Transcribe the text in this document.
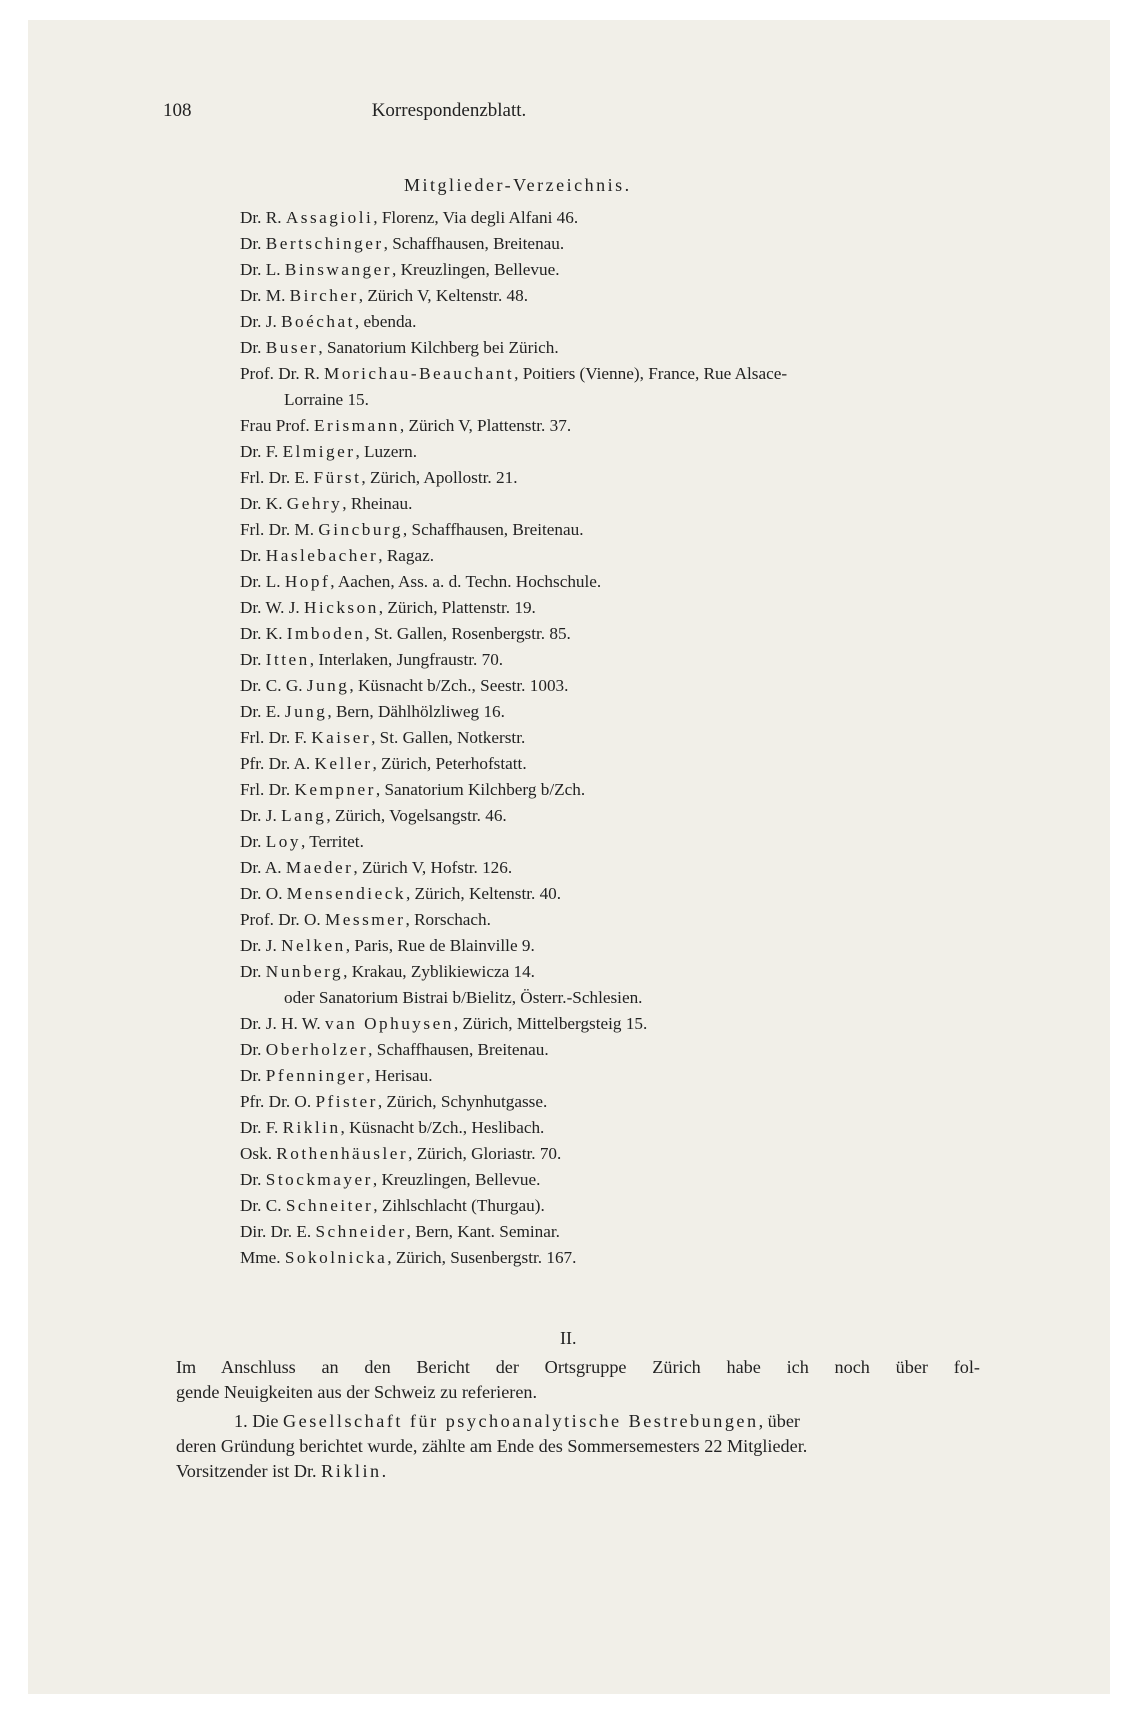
108	Korrespondenzblatt.
Mitglieder-Verzeichnis.
Dr. R. Assagioli, Florenz, Via degli Alfani 46.
Dr. Bertschinger, Schaffhausen, Breitenau.
Dr. L. Binswanger, Kreuzlingen, Bellevue.
Dr. M. Bircher, Zürich V, Keltenstr. 48.
Dr. J. Boéchat, ebenda.
Dr. Buser, Sanatorium Kilchberg bei Zürich.
Prof. Dr. R. Morichau-Beauchant, Poitiers (Vienne), France, Rue Alsace-
Lorraine 15.
Frau Prof. Erismann, Zürich V, Plattenstr. 37.
Dr. F. Elmiger, Luzern.
Frl. Dr. E. Fürst, Zürich, Apollostr. 21.
Dr. K. Gehry, Rheinau.
Frl. Dr. M. Gincburg, Schaffhausen, Breitenau.
Dr. Haslebacher, Ragaz.
Dr. L. Hopf, Aachen, Ass. a. d. Techn. Hochschule.
Dr. W. J. Hickson, Zürich, Plattenstr. 19.
Dr. K. Imboden, St. Gallen, Rosenbergstr. 85.
Dr. Itten, Interlaken, Jungfraustr. 70.
Dr. C. G. Jung, Küsnacht b/Zch., Seestr. 1003.
Dr. E. Jung, Bern, Dählhölzliweg 16.
Frl. Dr. F. Kaiser, St. Gallen, Notkerstr.
Pfr. Dr. A. Keller, Zürich, Peterhofstatt.
Frl. Dr. Kempner, Sanatorium Kilchberg b/Zch.
Dr. J. Lang, Zürich, Vogelsangstr. 46.
Dr. Loy, Territet.
Dr. A. Maeder, Zürich V, Hofstr. 126.
Dr. O. Mensendieck, Zürich, Keltenstr. 40.
Prof. Dr. O. Messmer, Rorschach.
Dr. J. Nelken, Paris, Rue de Blainville 9.
Dr. Nunberg, Krakau, Zyblikiewicza 14.
oder Sanatorium Bistrai b/Bielitz, Österr.-Schlesien.
Dr. J. H. W. van Ophuysen, Zürich, Mittelbergsteig 15.
Dr. Oberholzer, Schaffhausen, Breitenau.
Dr. Pfenninger, Herisau.
Pfr. Dr. O. Pfister, Zürich, Schynhutgasse.
Dr. F. Riklin, Küsnacht b/Zch., Heslibach.
Osk. Rothenhäusler, Zürich, Gloriastr. 70.
Dr. Stockmayer, Kreuzlingen, Bellevue.
Dr. C. Schneiter, Zihlschlacht (Thurgau).
Dir. Dr. E. Schneider, Bern, Kant. Seminar.
Mme. Sokolnicka, Zürich, Susenbergstr. 167.
II.
Im Anschluss an den Bericht der Ortsgruppe Zürich habe ich noch über fol-
gende Neuigkeiten aus der Schweiz zu referieren.
1. Die Gesellschaft für psychoanalytische Bestrebungen, über
deren Gründung berichtet wurde, zählte am Ende des Sommersemesters 22 Mitglieder.
Vorsitzender ist Dr. Riklin.
